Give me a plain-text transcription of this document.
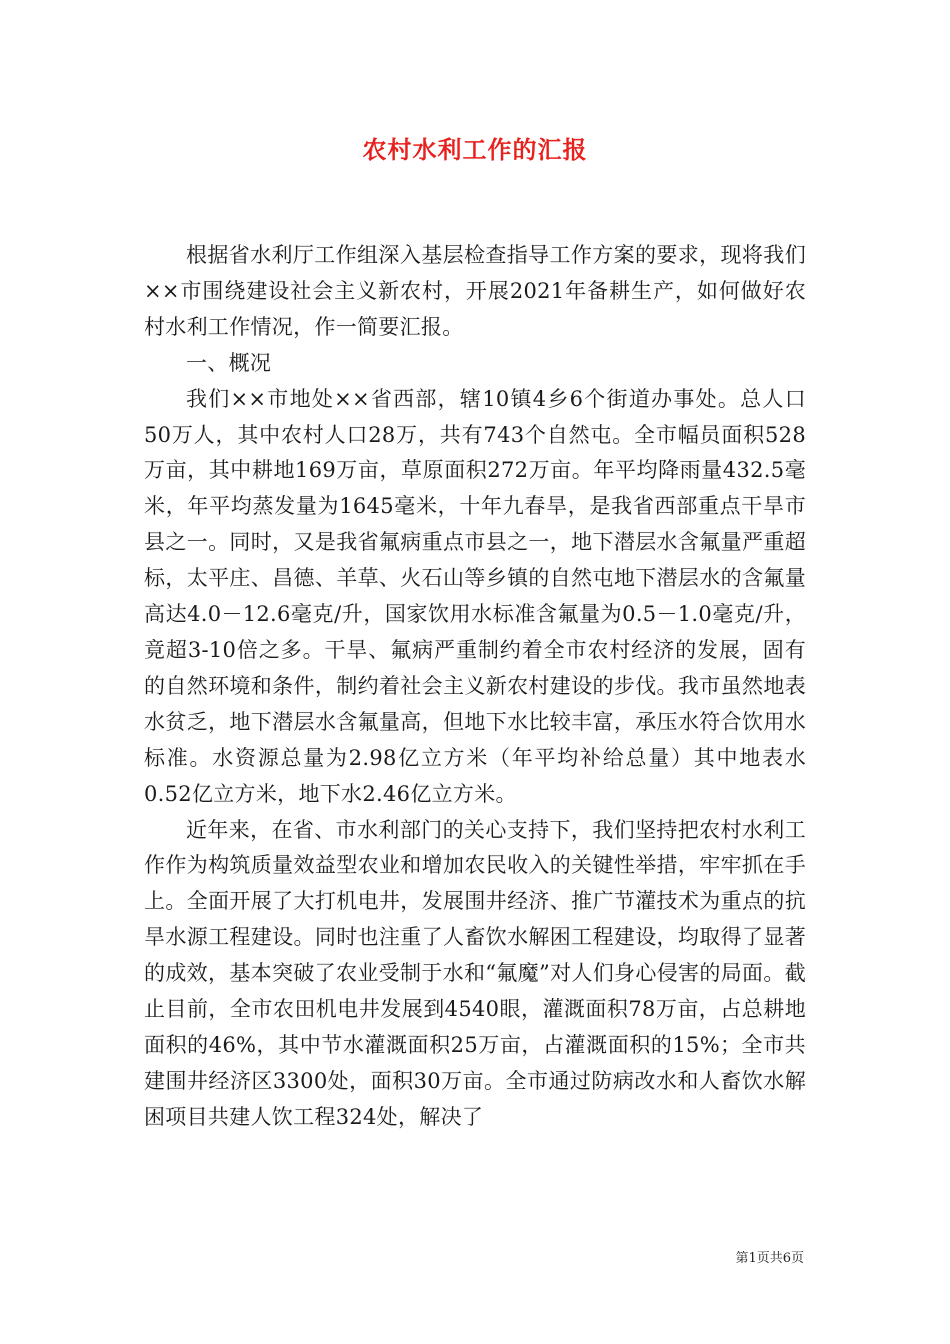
农村水利工作的汇报

根据省水利厅工作组深入基层检查指导工作方案的要求，现将我们××市围绕建设社会主义新农村，开展2021年备耕生产，如何做好农村水利工作情况，作一简要汇报。

一、概况

我们××市地处××省西部，辖10镇4乡6个街道办事处。总人口50万人，其中农村人口28万，共有743个自然屯。全市幅员面积528万亩，其中耕地169万亩，草原面积272万亩。年平均降雨量432.5毫米，年平均蒸发量为1645毫米，十年九春旱，是我省西部重点干旱市县之一。同时，又是我省氟病重点市县之一，地下潜层水含氟量严重超标，太平庄、昌德、羊草、火石山等乡镇的自然屯地下潜层水的含氟量高达4.0－12.6毫克/升，国家饮用水标准含氟量为0.5－1.0毫克/升，竟超3-10倍之多。干旱、氟病严重制约着全市农村经济的发展，固有的自然环境和条件，制约着社会主义新农村建设的步伐。我市虽然地表水贫乏，地下潜层水含氟量高，但地下水比较丰富，承压水符合饮用水标准。水资源总量为2.98亿立方米（年平均补给总量）其中地表水0.52亿立方米，地下水2.46亿立方米。

近年来，在省、市水利部门的关心支持下，我们坚持把农村水利工作作为构筑质量效益型农业和增加农民收入的关键性举措，牢牢抓在手上。全面开展了大打机电井，发展围井经济、推广节灌技术为重点的抗旱水源工程建设。同时也注重了人畜饮水解困工程建设，均取得了显著的成效，基本突破了农业受制于水和“氟魔”对人们身心侵害的局面。截止目前，全市农田机电井发展到4540眼，灌溉面积78万亩，占总耕地面积的46%，其中节水灌溉面积25万亩，占灌溉面积的15%；全市共建围井经济区3300处，面积30万亩。全市通过防病改水和人畜饮水解困项目共建人饮工程324处，解决了

第1页共6页
